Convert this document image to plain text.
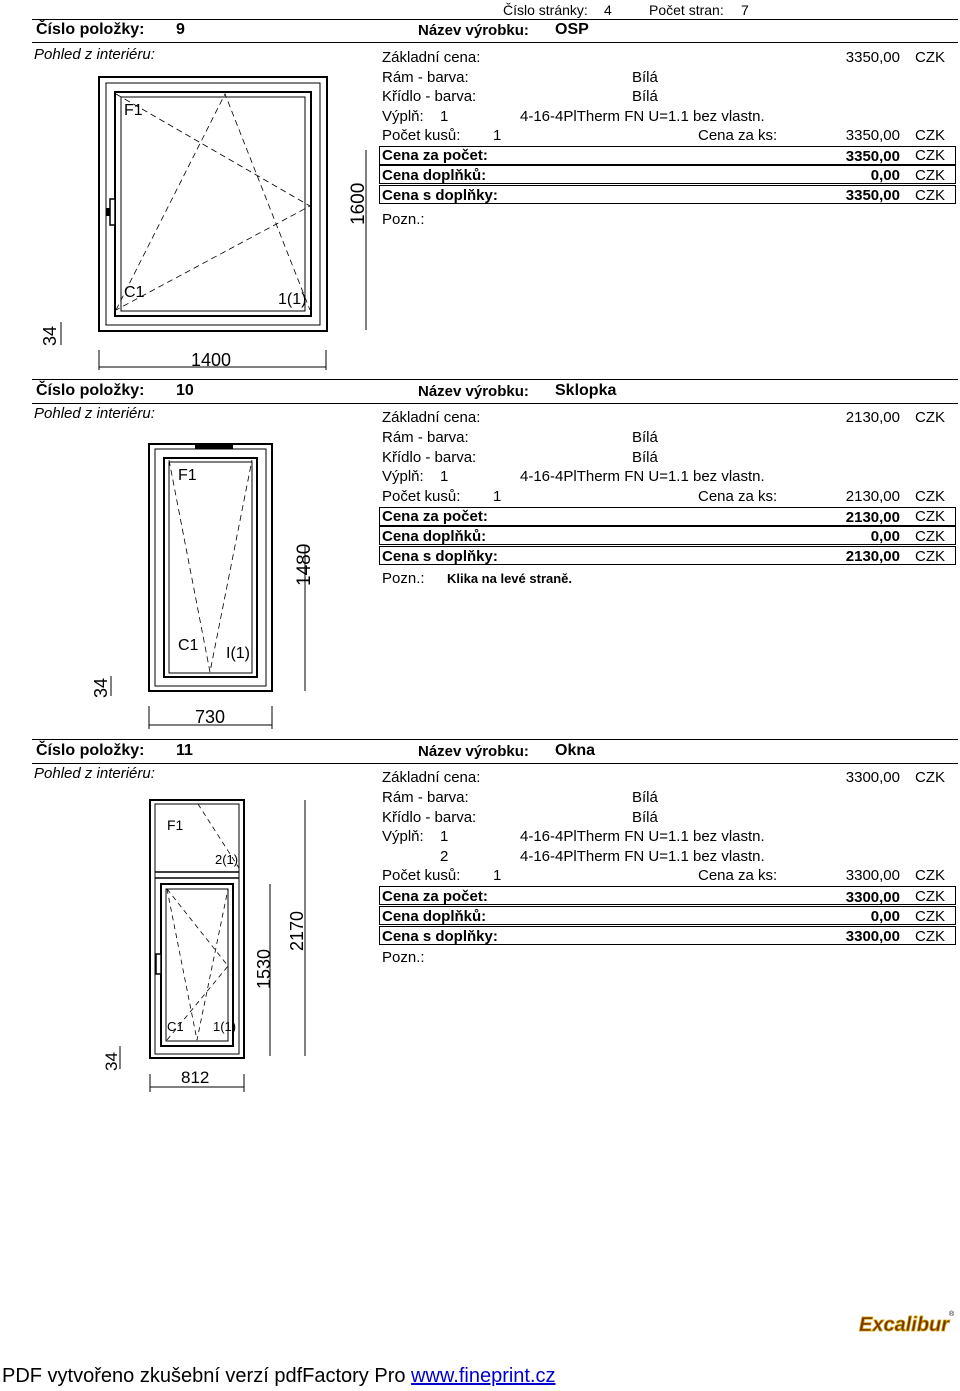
Číslo stránky: 4	Počet stran: 7
Číslo položky: 9	Název výrobku: OSP
Pohled z interiéru:	Základní cena:	3350,00 CZK
Rám - barva:	Bílá
Křídlo - barva:	Bílá
Výplň: 1	4-16-4PlTherm FN U=1.1 bez vlastn.
Počet kusů: 1	Cena za ks:	3350,00 CZK
Cena za počet:	3350,00 CZK
Cena doplňků:	0,00 CZK
Cena s doplňky:	3350,00 CZK
Pozn.:
F1
C1	1(1)
1600
34
1400
Číslo položky: 10	Název výrobku: Sklopka
Pohled z interiéru:	Základní cena:	2130,00 CZK
Rám - barva:	Bílá
Křídlo - barva:	Bílá
Výplň: 1	4-16-4PlTherm FN U=1.1 bez vlastn.
Počet kusů: 1	Cena za ks:	2130,00 CZK
Cena za počet:	2130,00 CZK
Cena doplňků:	0,00 CZK
Cena s doplňky:	2130,00 CZK
Pozn.: Klika na levé straně.
F1
C1 I(1)
1480
34
730
Číslo položky: 11	Název výrobku: Okna
Pohled z interiéru:	Základní cena:	3300,00 CZK
Rám - barva:	Bílá
Křídlo - barva:	Bílá
Výplň: 1	4-16-4PlTherm FN U=1.1 bez vlastn.
2	4-16-4PlTherm FN U=1.1 bez vlastn.
Počet kusů: 1	Cena za ks:	3300,00 CZK
Cena za počet:	3300,00 CZK
Cena doplňků:	0,00 CZK
Cena s doplňky:	3300,00 CZK
Pozn.:
F1
2(1)
C1 1(1)
1530
2170
34
812
Excalibur ®
PDF vytvořeno zkušební verzí pdfFactory Pro www.fineprint.cz
